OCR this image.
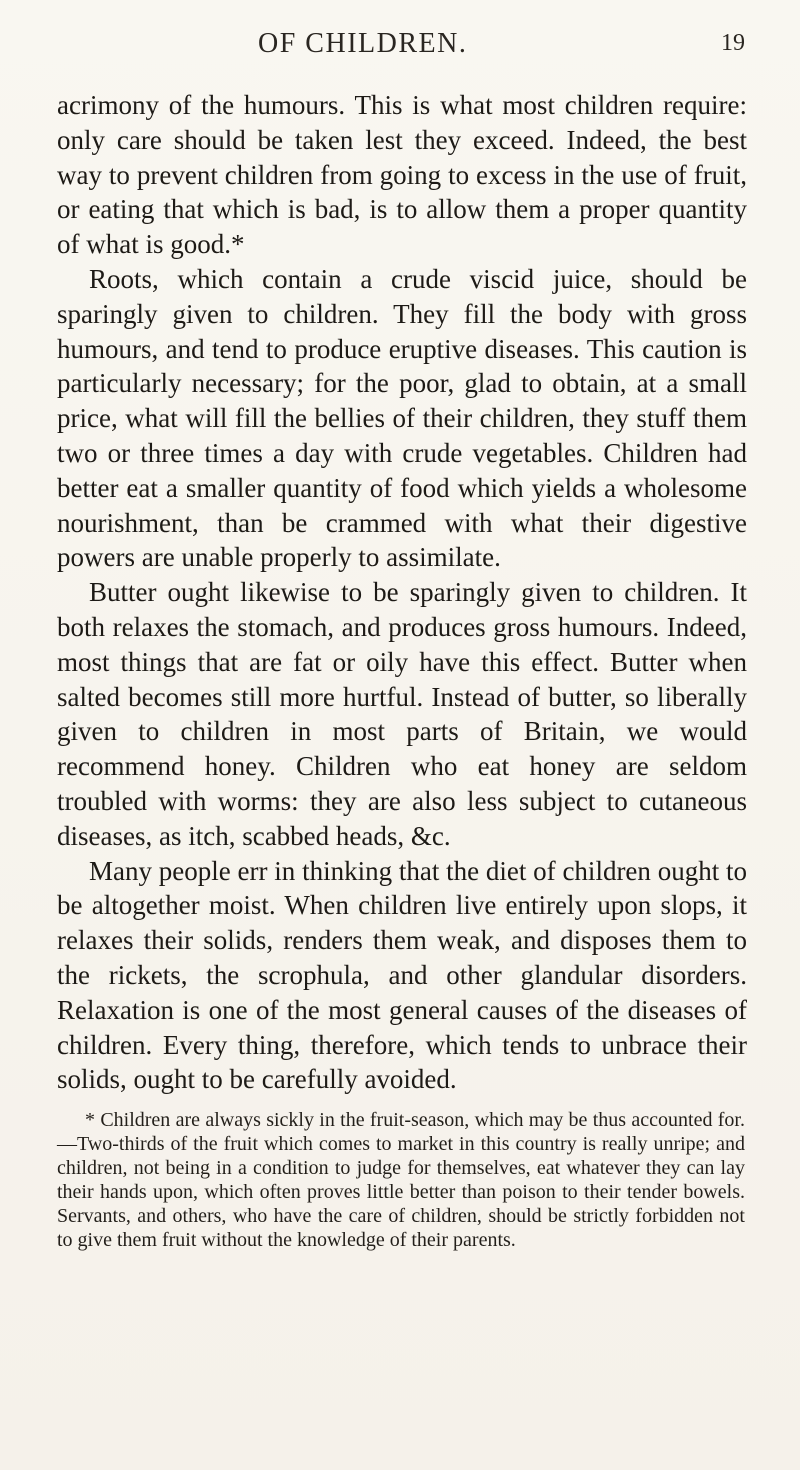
OF CHILDREN.	19

acrimony of the humours. This is what most children require: only care should be taken lest they exceed. Indeed, the best way to prevent children from going to excess in the use of fruit, or eating that which is bad, is to allow them a proper quantity of what is good.*

Roots, which contain a crude viscid juice, should be sparingly given to children. They fill the body with gross humours, and tend to produce eruptive diseases. This caution is particularly necessary; for the poor, glad to obtain, at a small price, what will fill the bellies of their children, they stuff them two or three times a day with crude vegetables. Children had better eat a smaller quantity of food which yields a wholesome nourishment, than be crammed with what their digestive powers are unable properly to assimilate.

Butter ought likewise to be sparingly given to children. It both relaxes the stomach, and produces gross humours. Indeed, most things that are fat or oily have this effect. Butter when salted becomes still more hurtful. Instead of butter, so liberally given to children in most parts of Britain, we would recommend honey. Children who eat honey are seldom troubled with worms: they are also less subject to cutaneous diseases, as itch, scabbed heads, &c.

Many people err in thinking that the diet of children ought to be altogether moist. When children live entirely upon slops, it relaxes their solids, renders them weak, and disposes them to the rickets, the scrophula, and other glandular disorders. Relaxation is one of the most general causes of the diseases of children. Every thing, therefore, which tends to unbrace their solids, ought to be carefully avoided.

* Children are always sickly in the fruit-season, which may be thus accounted for.—Two-thirds of the fruit which comes to market in this country is really unripe; and children, not being in a condition to judge for themselves, eat whatever they can lay their hands upon, which often proves little better than poison to their tender bowels. Servants, and others, who have the care of children, should be strictly forbidden not to give them fruit without the knowledge of their parents.
